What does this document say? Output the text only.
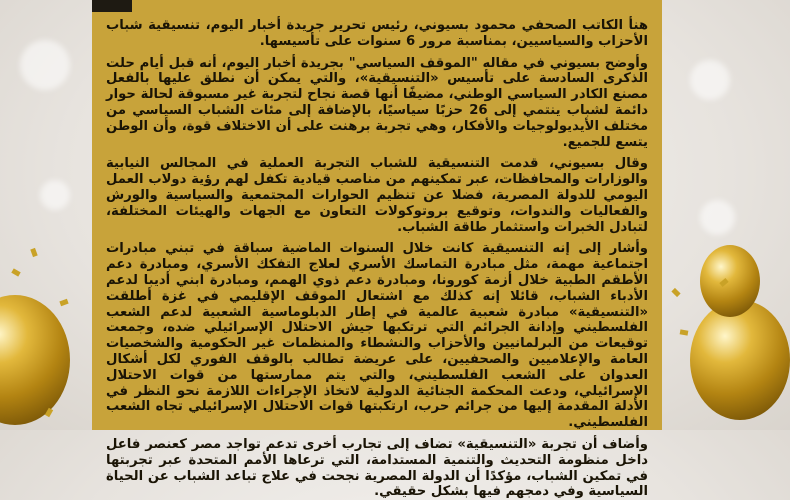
هنأ الكاتب الصحفي محمود بسيوني، رئيس تحرير جريدة أخبار اليوم، تنسيقية شباب الأحزاب والسياسيين، بمناسبة مرور 6 سنوات على تأسيسها.

وأوضح بسيوني في مقاله "الموقف السياسي" بجريدة أخبار اليوم، أنه قبل أيام حلت الذكرى السادسة على تأسيس «التنسيقية»، والتي يمكن أن نطلق عليها بالفعل مصنع الكادر السياسي الوطني، مضيفًا أنها قصة نجاح لتجربة غير مسبوقة لحالة حوار دائمة لشباب ينتمي إلى 26 حزبًا سياسيًا، بالإضافة إلى مئات الشباب السياسي من مختلف الأيديولوجيات والأفكار، وهي تجربة برهنت على أن الاختلاف قوة، وأن الوطن يتسع للجميع.

وقال بسيوني، قدمت التنسيقية للشباب التجربة العملية في المجالس النيابية والوزارات والمحافظات، عبر تمكينهم من مناصب قيادية تكفل لهم رؤية دولاب العمل اليومي للدولة المصرية، فضلا عن تنظيم الحوارات المجتمعية والسياسية والورش والفعاليات والندوات، وتوقيع بروتوكولات التعاون مع الجهات والهيئات المختلفة، لتبادل الخبرات واستثمار طاقة الشباب.

وأشار إلى إنه التنسيقية كانت خلال السنوات الماضية سباقة في تبني مبادرات اجتماعية مهمة، مثل مبادرة التماسك الأسري لعلاج التفكك الأسري، ومبادرة دعم الأطقم الطبية خلال أزمة كورونا، ومبادرة دعم ذوي الهمم، ومبادرة ابني أديبا لدعم الأدباء الشباب، قائلا إنه كذلك مع اشتعال الموقف الإقليمي في غزة أطلقت «التنسيقية» مبادرة شعبية عالمية في إطار الدبلوماسية الشعبية لدعم الشعب الفلسطيني وإدانة الجرائم التي ترتكبها جيش الاحتلال الإسرائيلي ضده، وجمعت توقيعات من البرلمانيين والأحزاب والنشطاء والمنظمات غير الحكومية والشخصيات العامة والإعلاميين والصحفيين، على عريضة تطالب بالوقف الفوري لكل أشكال العدوان على الشعب الفلسطيني، والتي يتم ممارستها من قوات الاحتلال الإسرائيلي، ودعت المحكمة الجنائية الدولية لاتخاذ الإجراءات اللازمة نحو النظر في الأدلة المقدمة إليها من جرائم حرب، ارتكبتها قوات الاحتلال الإسرائيلي تجاه الشعب الفلسطيني.

وأضاف أن تجربة «التنسيقية» تضاف إلى تجارب أخرى تدعم تواجد مصر كعنصر فاعل داخل منظومة التحديث والتنمية المستدامة، التي ترعاها الأمم المتحدة عبر تجربتها في تمكين الشباب، مؤكدًا أن الدولة المصرية نجحت في علاج تباعد الشباب عن الحياة السياسية وفي دمجهم فيها بشكل حقيقي.
